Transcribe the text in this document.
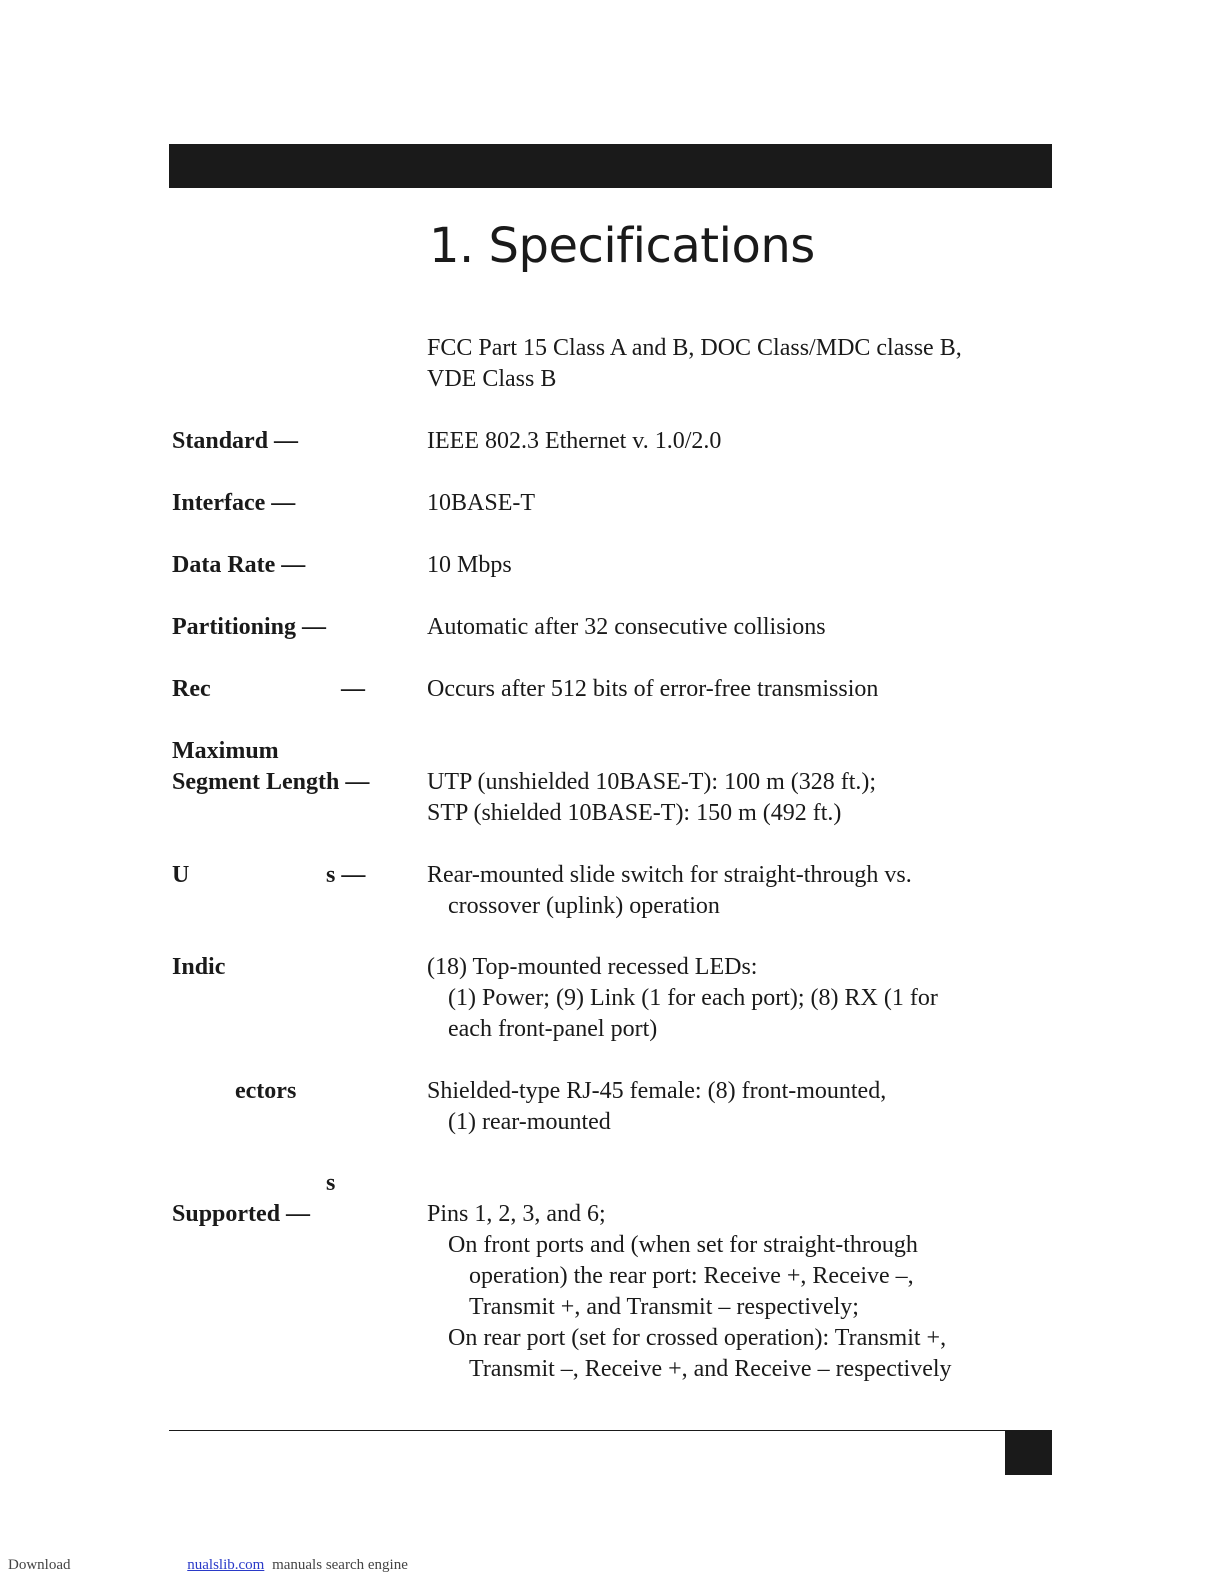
1. Specifications
FCC Part 15 Class A and B, DOC Class/MDC classe B,
VDE Class B
Standard —	IEEE 802.3 Ethernet v. 1.0/2.0
Interface —	10BASE-T
Data Rate —	10 Mbps
Partitioning —	Automatic after 32 consecutive collisions
Rec	—	Occurs after 512 bits of error-free transmission
Maximum
Segment Length — UTP (unshielded 10BASE-T): 100 m (328 ft.);
STP (shielded 10BASE-T): 150 m (492 ft.)
U	s —	Rear-mounted slide switch for straight-through vs.
crossover (uplink) operation
Indic	(18) Top-mounted recessed LEDs:
(1) Power; (9) Link (1 for each port); (8) RX (1 for
each front-panel port)
ectors	Shielded-type RJ-45 female: (8) front-mounted,
(1) rear-mounted
s
Supported —	Pins 1, 2, 3, and 6;
On front ports and (when set for straight-through
operation) the rear port: Receive +, Receive –,
Transmit +, and Transmit – respectively;
On rear port (set for crossed operation): Transmit +,
Transmit –, Receive +, and Receive – respectively
Download	nualslib.com manuals search engine
